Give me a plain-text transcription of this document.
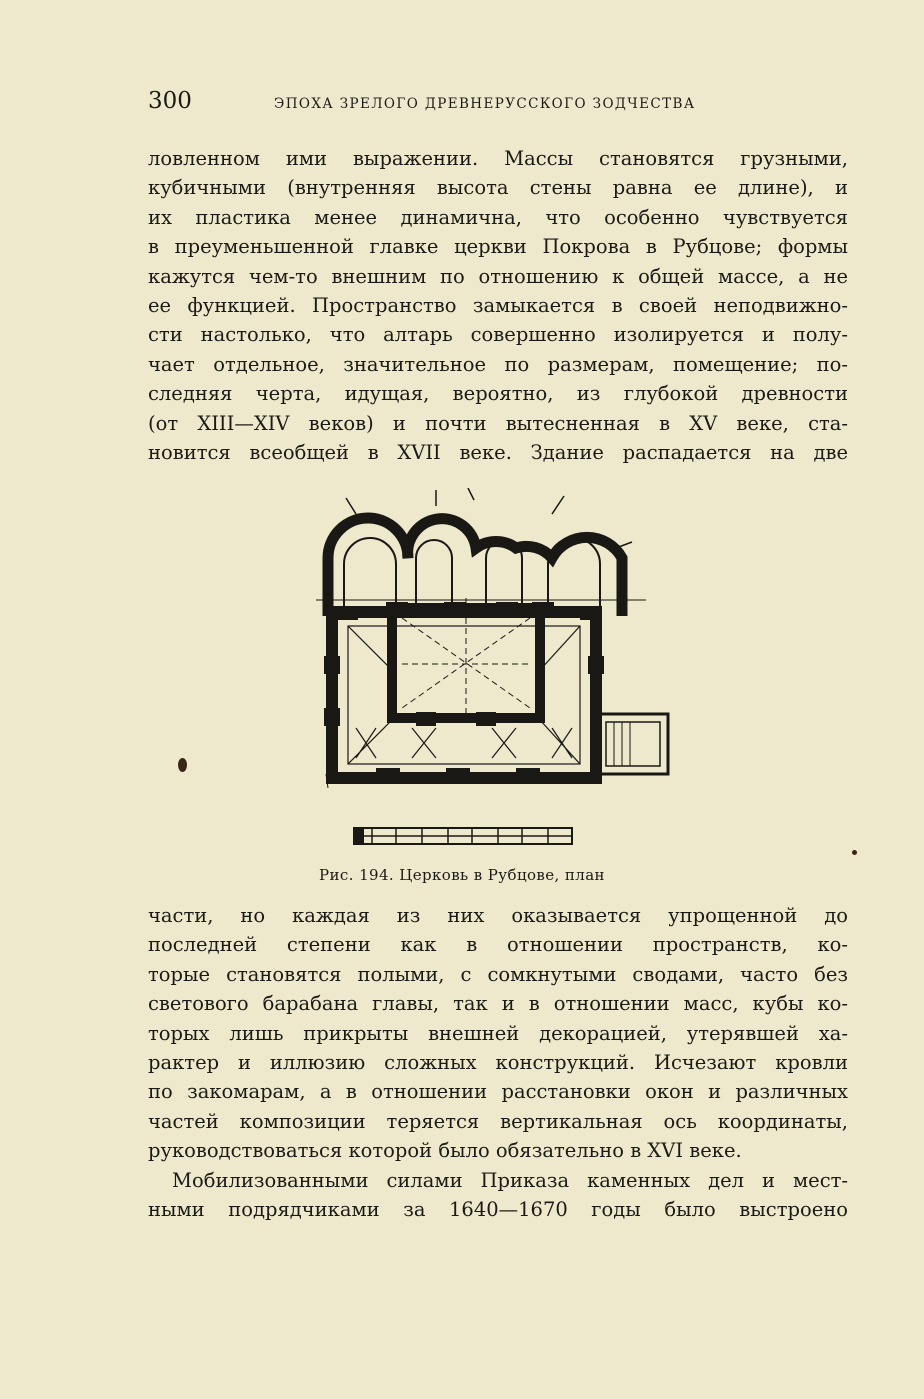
300	ЭПОХА ЗРЕЛОГО ДРЕВНЕРУССКОГО ЗОДЧЕСТВА
ловленном ими выражении. Массы становятся грузными,
кубичными (внутренняя высота стены равна ее длине), и
их пластика менее динамична, что особенно чувствуется
в преуменьшенной главке церкви Покрова в Рубцове; формы
кажутся чем-то внешним по отношению к общей массе, а не
ее функцией. Пространство замыкается в своей неподвижно-
сти настолько, что алтарь совершенно изолируется и полу-
чает отдельное, значительное по размерам, помещение; по-
следняя черта, идущая, вероятно, из глубокой древности
(от XIII—XIV веков) и почти вытесненная в XV веке, ста-
новится всеобщей в XVII веке. Здание распадается на две
Рис. 194. Церковь в Рубцове, план
части, но каждая из них оказывается упрощенной до
последней степени как в отношении пространств, ко-
торые становятся полыми, с сомкнутыми сводами, часто без
светового барабана главы, так и в отношении масс, кубы ко-
торых лишь прикрыты внешней декорацией, утерявшей ха-
рактер и иллюзию сложных конструкций. Исчезают кровли
по закомарам, а в отношении расстановки окон и различных
частей композиции теряется вертикальная ось координаты,
руководствоваться которой было обязательно в XVI веке.
Мобилизованными силами Приказа каменных дел и мест-
ными подрядчиками за 1640—1670 годы было выстроено
